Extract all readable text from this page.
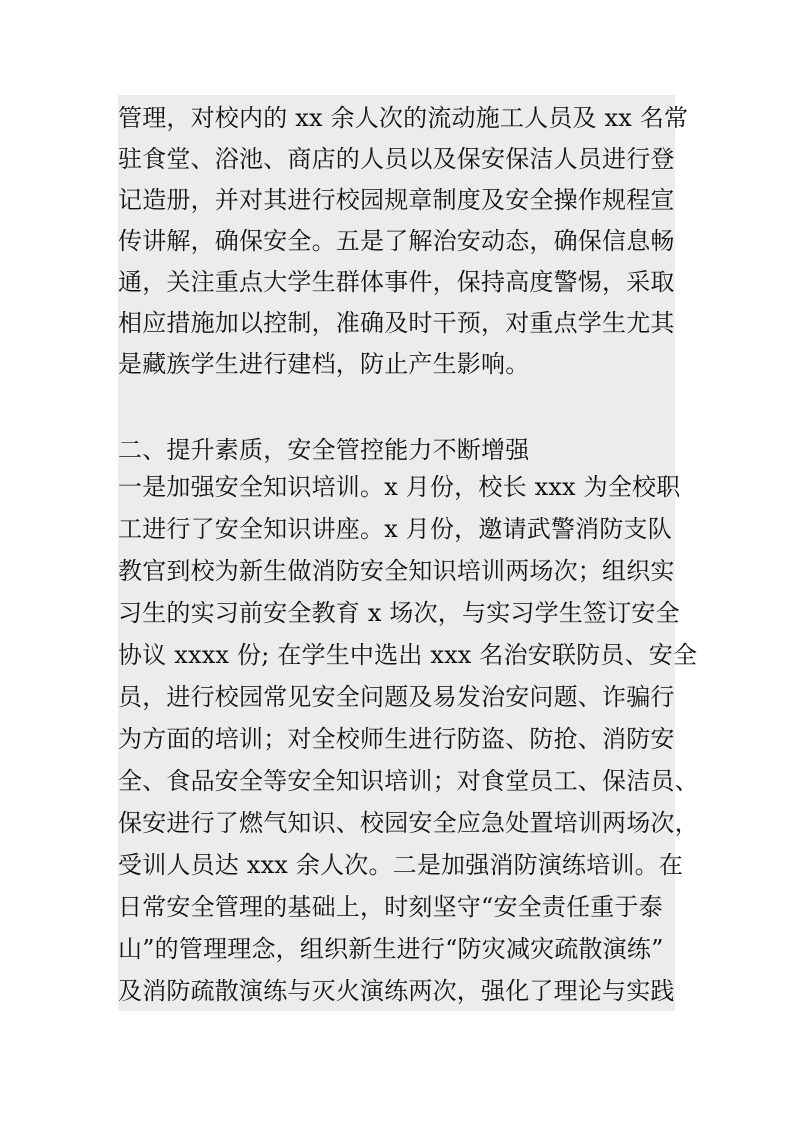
管理，对校内的 xx 余人次的流动施工人员及 xx 名常
驻食堂、浴池、商店的人员以及保安保洁人员进行登
记造册，并对其进行校园规章制度及安全操作规程宣
传讲解，确保安全。五是了解治安动态，确保信息畅
通，关注重点大学生群体事件，保持高度警惕，采取
相应措施加以控制，准确及时干预，对重点学生尤其
是藏族学生进行建档，防止产生影响。
二、提升素质，安全管控能力不断增强
一是加强安全知识培训。x 月份，校长 xxx 为全校职
工进行了安全知识讲座。x 月份，邀请武警消防支队
教官到校为新生做消防安全知识培训两场次；组织实
习生的实习前安全教育 x 场次，与实习学生签订安全
协议 xxxx 份; 在学生中选出 xxx 名治安联防员、安全
员，进行校园常见安全问题及易发治安问题、诈骗行
为方面的培训；对全校师生进行防盗、防抢、消防安
全、食品安全等安全知识培训；对食堂员工、保洁员、
保安进行了燃气知识、校园安全应急处置培训两场次，
受训人员达 xxx 余人次。二是加强消防演练培训。在
日常安全管理的基础上，时刻坚守“安全责任重于泰
山”的管理理念，组织新生进行“防灾减灾疏散演练”
及消防疏散演练与灭火演练两次，强化了理论与实践
